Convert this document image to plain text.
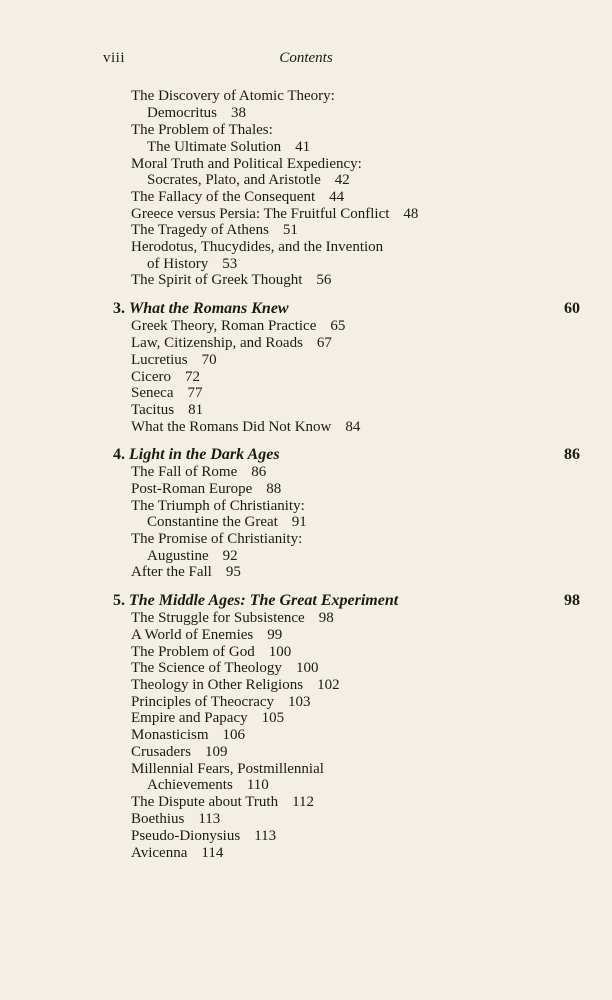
viii	Contents
The Discovery of Atomic Theory:
Democritus 38
The Problem of Thales:
The Ultimate Solution 41
Moral Truth and Political Expediency:
Socrates, Plato, and Aristotle 42
The Fallacy of the Consequent 44
Greece versus Persia: The Fruitful Conflict 48
The Tragedy of Athens 51
Herodotus, Thucydides, and the Invention
of History 53
The Spirit of Greek Thought 56
3. What the Romans Knew	60
Greek Theory, Roman Practice 65
Law, Citizenship, and Roads 67
Lucretius 70
Cicero 72
Seneca 77
Tacitus 81
What the Romans Did Not Know 84
4. Light in the Dark Ages	86
The Fall of Rome 86
Post-Roman Europe 88
The Triumph of Christianity:
Constantine the Great 91
The Promise of Christianity:
Augustine 92
After the Fall 95
5. The Middle Ages: The Great Experiment	98
The Struggle for Subsistence 98
A World of Enemies 99
The Problem of God 100
The Science of Theology 100
Theology in Other Religions 102
Principles of Theocracy 103
Empire and Papacy 105
Monasticism 106
Crusaders 109
Millennial Fears, Postmillennial
Achievements 110
The Dispute about Truth 112
Boethius 113
Pseudo-Dionysius 113
Avicenna 114
